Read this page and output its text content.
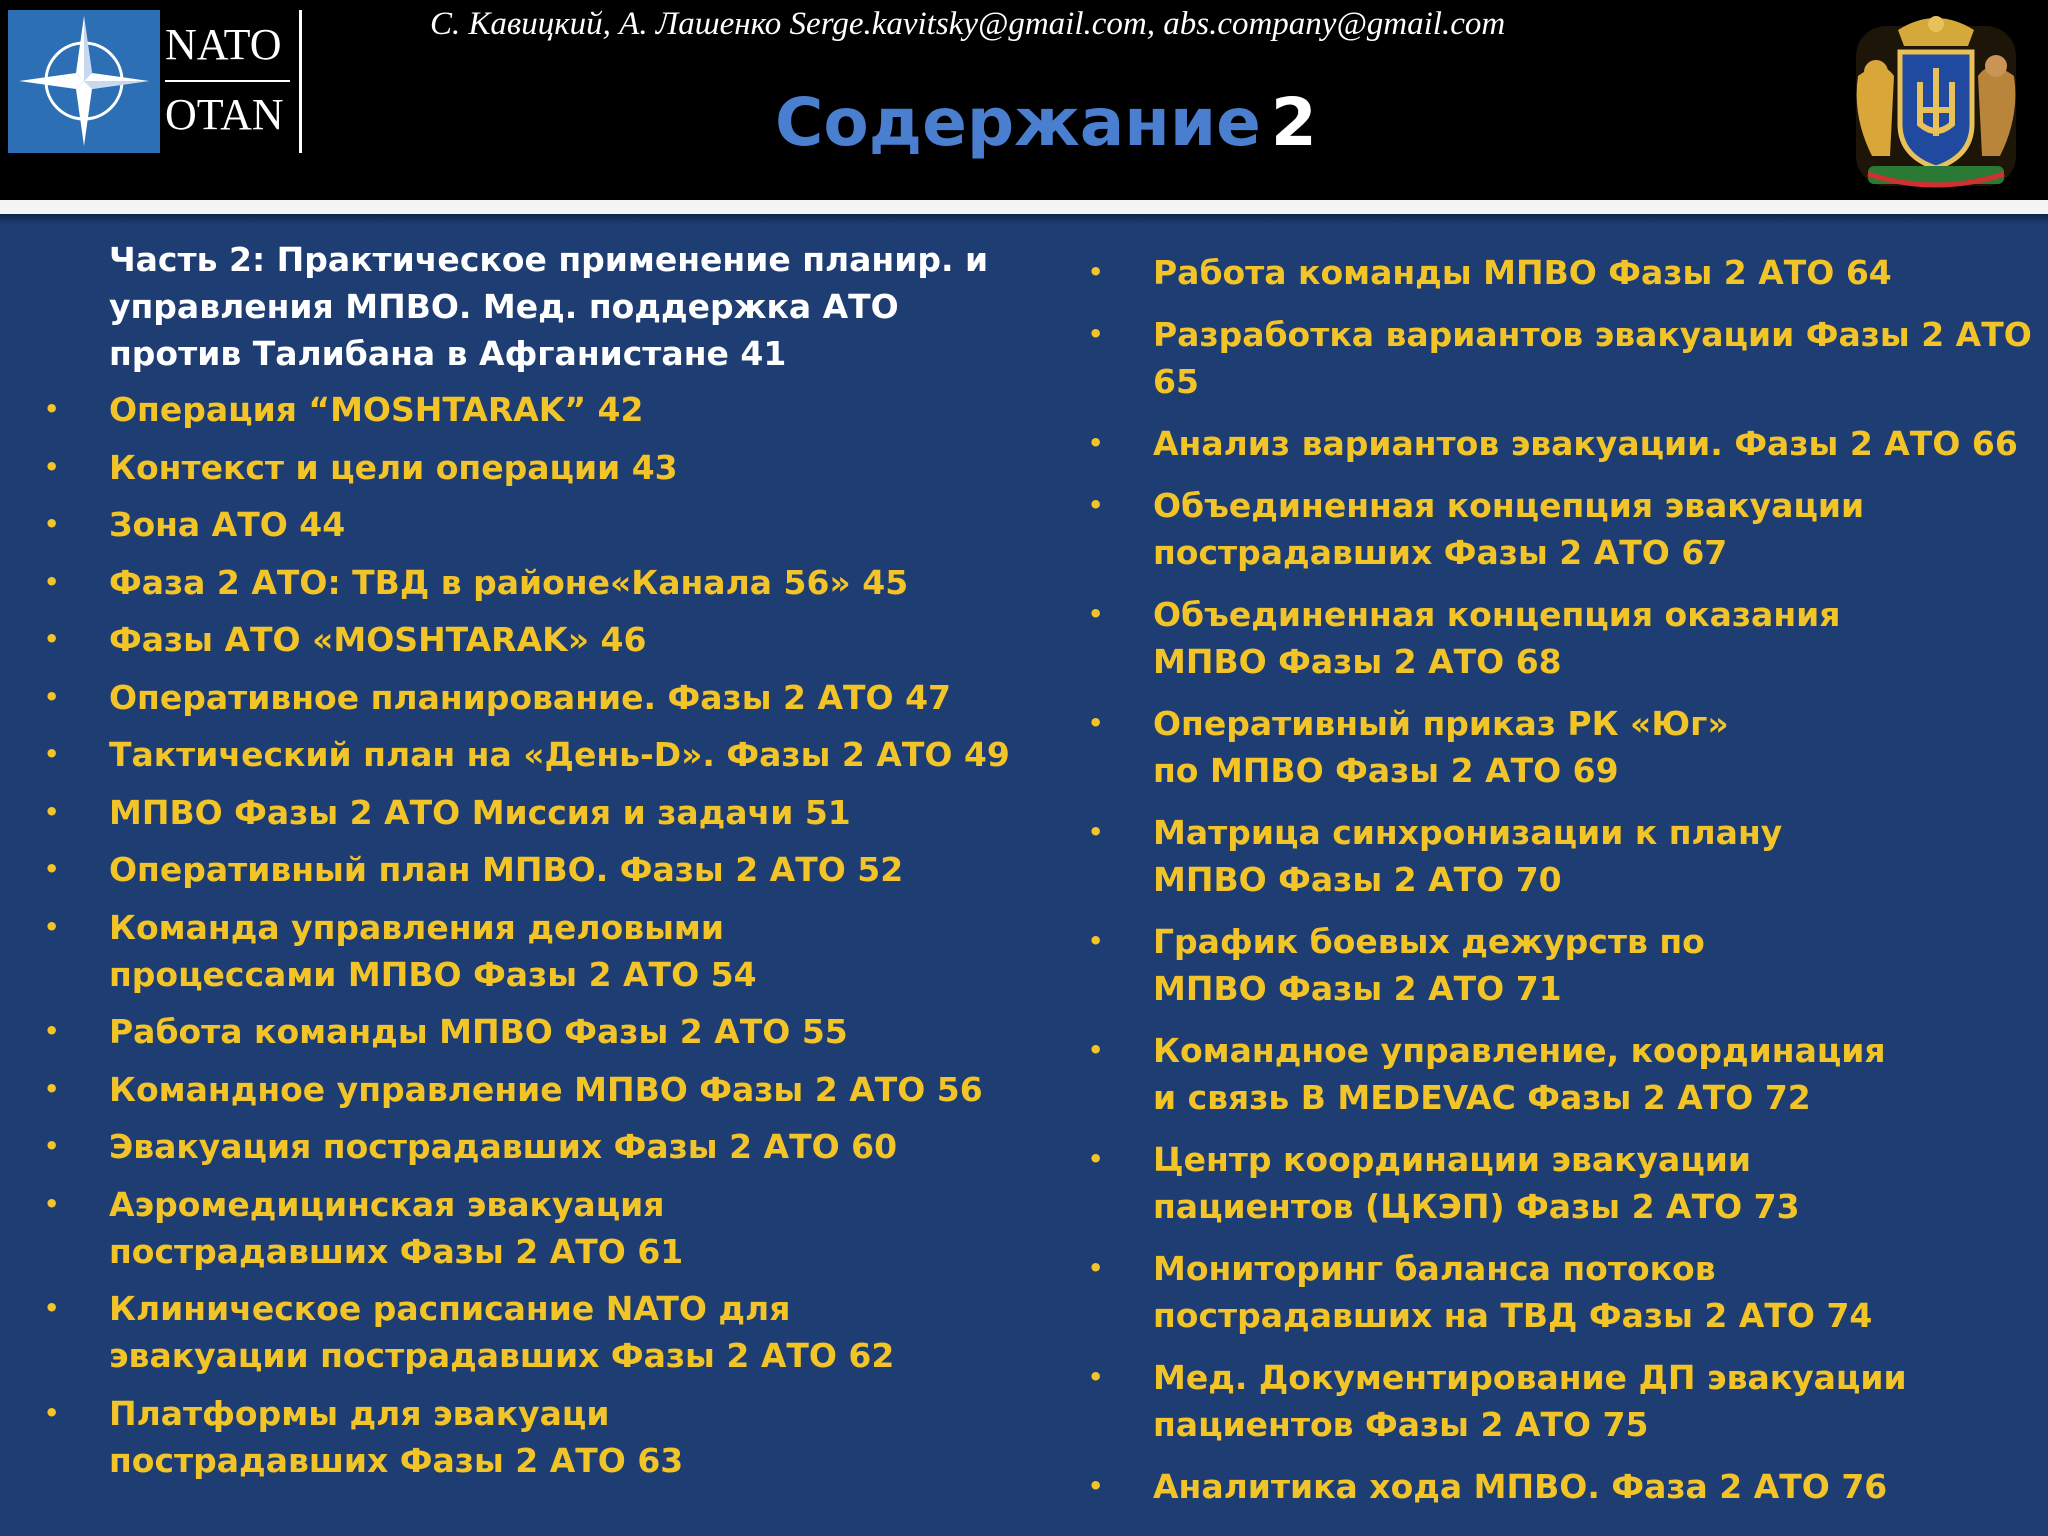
NATO
OTAN
С. Кавицкий, А. Лашенко Serge.kavitsky@gmail.com, abs.company@gmail.com
Содержание 2
Часть 2: Практическое применение планир. и управления МПВО. Мед. поддержка АТО против Талибана в Афганистане 41
• Операция “MOSHTARAK” 42
• Контекст и цели операции 43
• Зона АТО 44
• Фаза 2 АТО: ТВД в районе«Канала 56» 45
• Фазы АТО «MOSHTARAK» 46
• Оперативное планирование. Фазы 2 АТО 47
• Тактический план на «День-D». Фазы 2 АТО 49
• МПВО Фазы 2 АТО Миссия и задачи 51
• Оперативный план МПВО. Фазы 2 АТО 52
• Команда управления деловыми
процессами МПВО Фазы 2 АТО 54
• Работа команды МПВО Фазы 2 АТО 55
• Командное управление МПВО Фазы 2 АТО 56
• Эвакуация пострадавших Фазы 2 АТО 60
• Аэромедицинская эвакуация
пострадавших Фазы 2 АТО 61
• Клиническое расписание NATO для
эвакуации пострадавших Фазы 2 АТО 62
• Платформы для эвакуаци
пострадавших Фазы 2 АТО 63
• Работа команды МПВО Фазы 2 АТО 64
• Разработка вариантов эвакуации Фазы 2 АТО 65
• Анализ вариантов эвакуации. Фазы 2 АТО 66
• Объединенная концепция эвакуации
пострадавших Фазы 2 АТО 67
• Объединенная концепция оказания
МПВО Фазы 2 АТО 68
• Оперативный приказ РК «Юг»
по МПВО Фазы 2 АТО 69
• Матрица синхронизации к плану
МПВО Фазы 2 АТО 70
• График боевых дежурств по
МПВО Фазы 2 АТО 71
• Командное управление, координация
и связь В MEDEVAC Фазы 2 АТО 72
• Центр координации эвакуации
пациентов (ЦКЭП) Фазы 2 АТО 73
• Мониторинг баланса потоков
пострадавших на ТВД Фазы 2 АТО 74
• Мед. Документирование ДП эвакуации
пациентов Фазы 2 АТО 75
• Аналитика хода МПВО. Фаза 2 АТО 76
